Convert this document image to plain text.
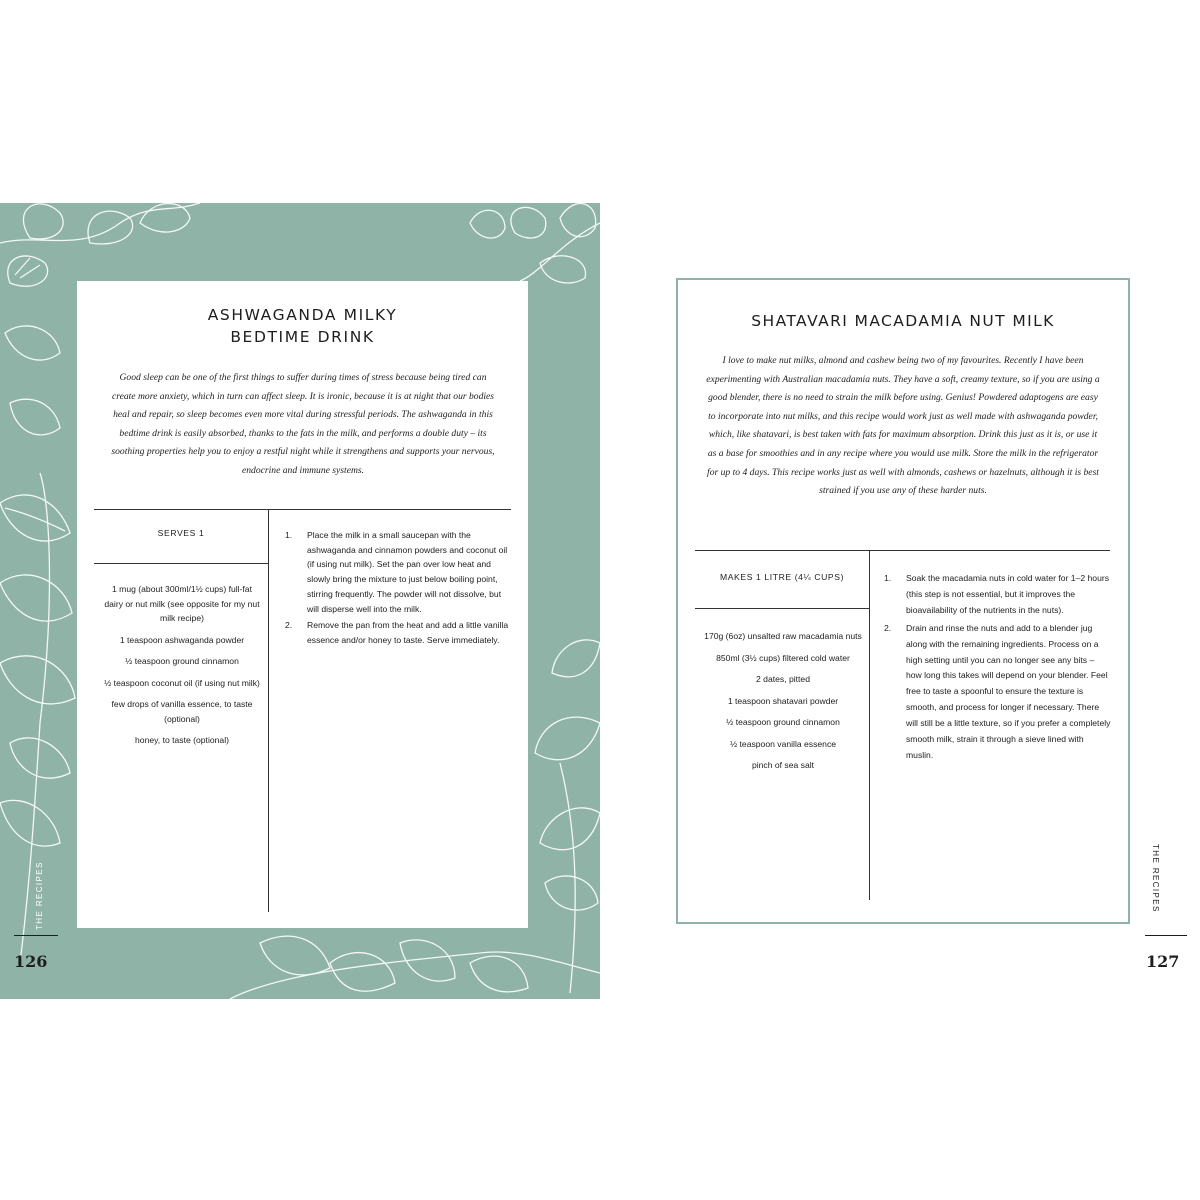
ASHWAGANDA MILKY
BEDTIME DRINK
Good sleep can be one of the first things to suffer during times of stress because being tired can create more anxiety, which in turn can affect sleep. It is ironic, because it is at night that our bodies heal and repair, so sleep becomes even more vital during stressful periods. The ashwaganda in this bedtime drink is easily absorbed, thanks to the fats in the milk, and performs a double duty – its soothing properties help you to enjoy a restful night while it strengthens and supports your nervous, endocrine and immune systems.
SERVES 1
1 mug (about 300ml/1½ cups) full-fat dairy or nut milk (see opposite for my nut milk recipe)
1 teaspoon ashwaganda powder
½ teaspoon ground cinnamon
½ teaspoon coconut oil (if using nut milk)
few drops of vanilla essence, to taste (optional)
honey, to taste (optional)
1. Place the milk in a small saucepan with the ashwaganda and cinnamon powders and coconut oil (if using nut milk). Set the pan over low heat and slowly bring the mixture to just below boiling point, stirring frequently. The powder will not dissolve, but will disperse well into the milk.
2. Remove the pan from the heat and add a little vanilla essence and/or honey to taste. Serve immediately.
THE RECIPES
126
SHATAVARI MACADAMIA NUT MILK
I love to make nut milks, almond and cashew being two of my favourites. Recently I have been experimenting with Australian macadamia nuts. They have a soft, creamy texture, so if you are using a good blender, there is no need to strain the milk before using. Genius! Powdered adaptogens are easy to incorporate into nut milks, and this recipe would work just as well made with ashwaganda powder, which, like shatavari, is best taken with fats for maximum absorption. Drink this just as it is, or use it as a base for smoothies and in any recipe where you would use milk. Store the milk in the refrigerator for up to 4 days. This recipe works just as well with almonds, cashews or hazelnuts, although it is best strained if you use any of these harder nuts.
MAKES 1 LITRE (4¼ CUPS)
170g (6oz) unsalted raw macadamia nuts
850ml (3½ cups) filtered cold water
2 dates, pitted
1 teaspoon shatavari powder
½ teaspoon ground cinnamon
½ teaspoon vanilla essence
pinch of sea salt
1. Soak the macadamia nuts in cold water for 1–2 hours (this step is not essential, but it improves the bioavailability of the nutrients in the nuts).
2. Drain and rinse the nuts and add to a blender jug along with the remaining ingredients. Process on a high setting until you can no longer see any bits – how long this takes will depend on your blender. Feel free to taste a spoonful to ensure the texture is smooth, and process for longer if necessary. There will still be a little texture, so if you prefer a completely smooth milk, strain it through a sieve lined with muslin.
THE RECIPES
127
